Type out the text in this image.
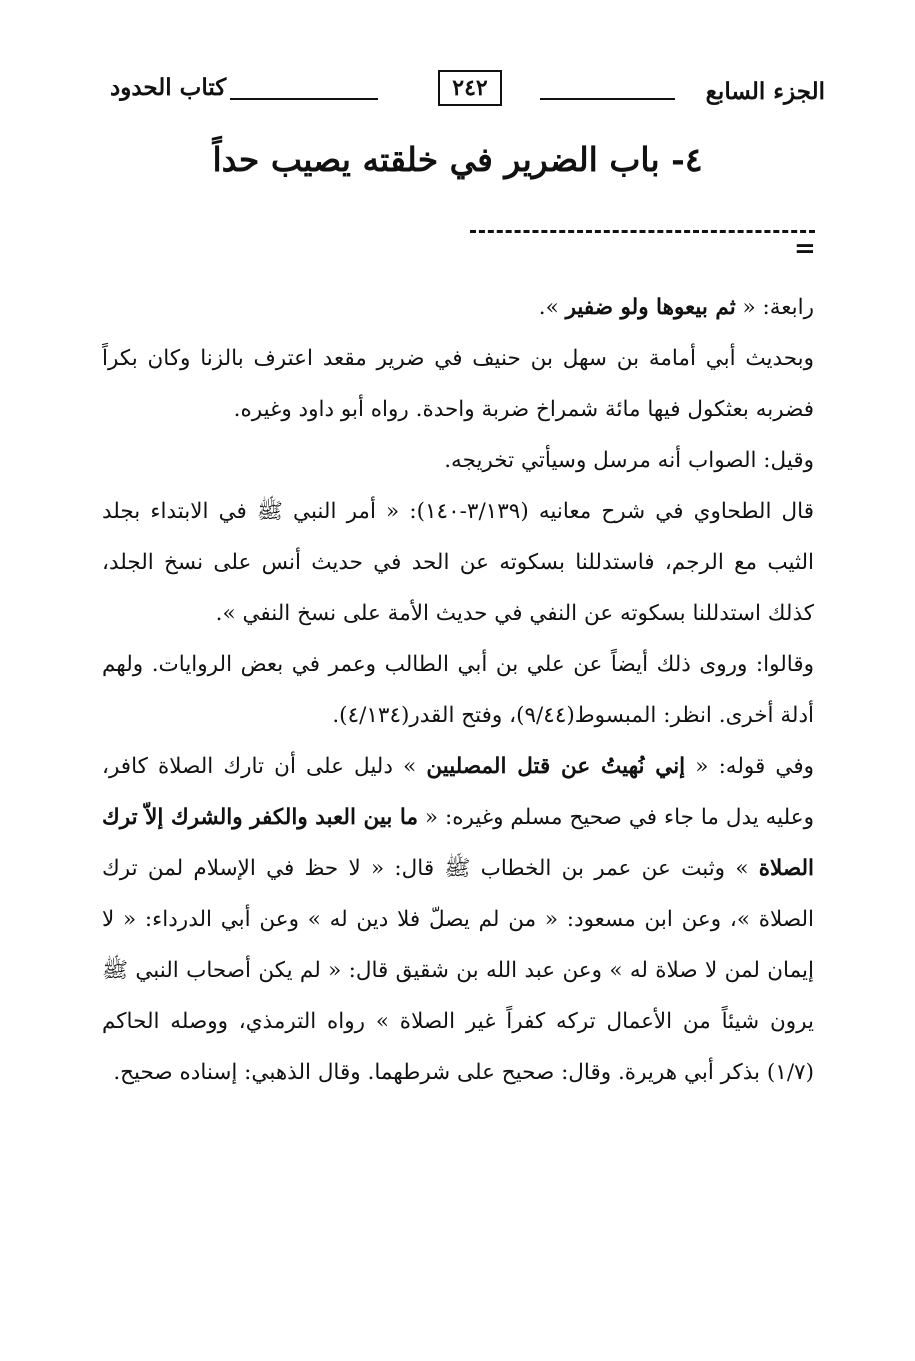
الجزء السابع
٢٤٢
كتاب الحدود
٤- باب الضرير في خلقته يصيب حداً
=

رابعة: « ثم بيعوها ولو ضفير ».

وبحديث أبي أمامة بن سهل بن حنيف في ضرير مقعد اعترف بالزنا وكان بكراً فضربه بعثكول فيها مائة شمراخ ضربة واحدة. رواه أبو داود وغيره.

وقيل: الصواب أنه مرسل وسيأتي تخريجه.

قال الطحاوي في شرح معانيه (٣/١٣٩-١٤٠): « أمر النبي ﷺ في الابتداء بجلد الثيب مع الرجم، فاستدللنا بسكوته عن الحد في حديث أنس على نسخ الجلد، كذلك استدللنا بسكوته عن النفي في حديث الأمة على نسخ النفي ».

وقالوا: وروى ذلك أيضاً عن علي بن أبي الطالب وعمر في بعض الروايات. ولهم أدلة أخرى. انظر: المبسوط(٩/٤٤)، وفتح القدر(٤/١٣٤).

وفي قوله: « إني نُهيتُ عن قتل المصليين » دليل على أن تارك الصلاة كافر، وعليه يدل ما جاء في صحيح مسلم وغيره: « ما بين العبد والكفر والشرك إلاّ ترك الصلاة » وثبت عن عمر بن الخطاب ﷺ قال: « لا حظ في الإسلام لمن ترك الصلاة »، وعن ابن مسعود: « من لم يصلّ فلا دين له » وعن أبي الدرداء: « لا إيمان لمن لا صلاة له » وعن عبد الله بن شقيق قال: « لم يكن أصحاب النبي ﷺ يرون شيئاً من الأعمال تركه كفراً غير الصلاة » رواه الترمذي، ووصله الحاكم (١/٧) بذكر أبي هريرة. وقال: صحيح على شرطهما. وقال الذهبي: إسناده صحيح.
